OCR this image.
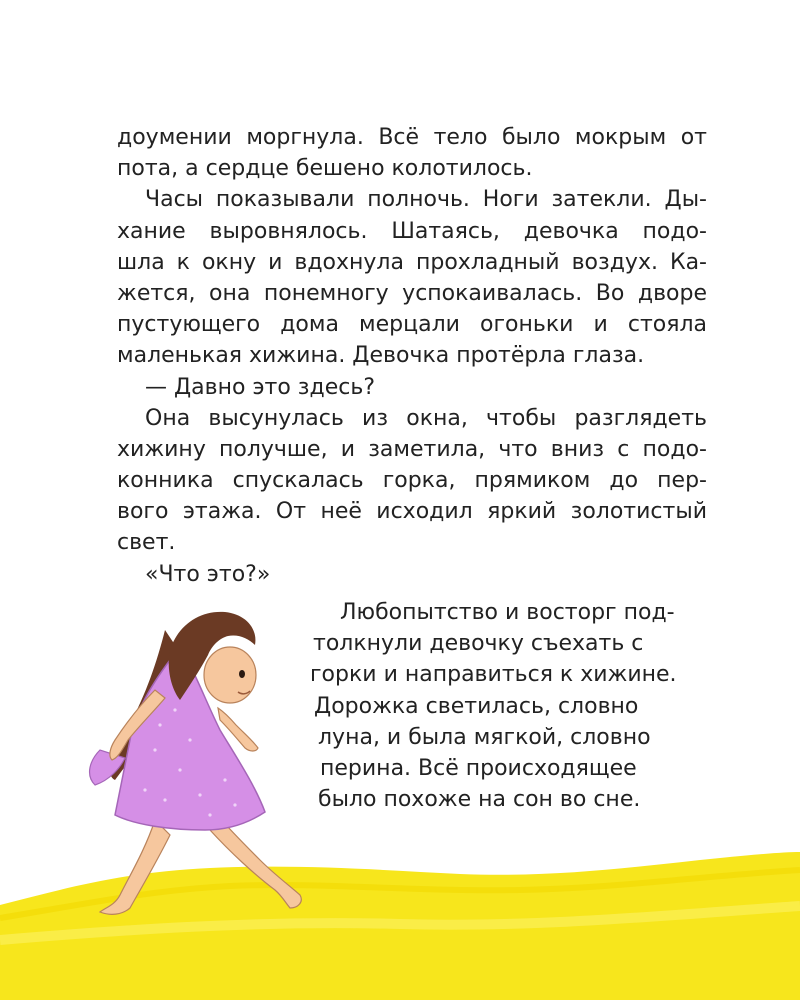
доумении моргнула. Всё тело было мокрым от
пота, а сердце бешено колотилось.
Часы показывали полночь. Ноги затекли. Ды-
хание выровнялось. Шатаясь, девочка подо-
шла к окну и вдохнула прохладный воздух. Ка-
жется, она понемногу успокаивалась. Во дворе
пустующего дома мерцали огоньки и стояла
маленькая хижина. Девочка протёрла глаза.
— Давно это здесь?
Она высунулась из окна, чтобы разглядеть
хижину получше, и заметила, что вниз с подо-
конника спускалась горка, прямиком до пер-
вого этажа. От неё исходил яркий золотистый
свет.
«Что это?»
Любопытство и восторг под-
толкнули девочку съехать с
горки и направиться к хижине.
Дорожка светилась, словно
луна, и была мягкой, словно
перина. Всё происходящее
было похоже на сон во сне.
